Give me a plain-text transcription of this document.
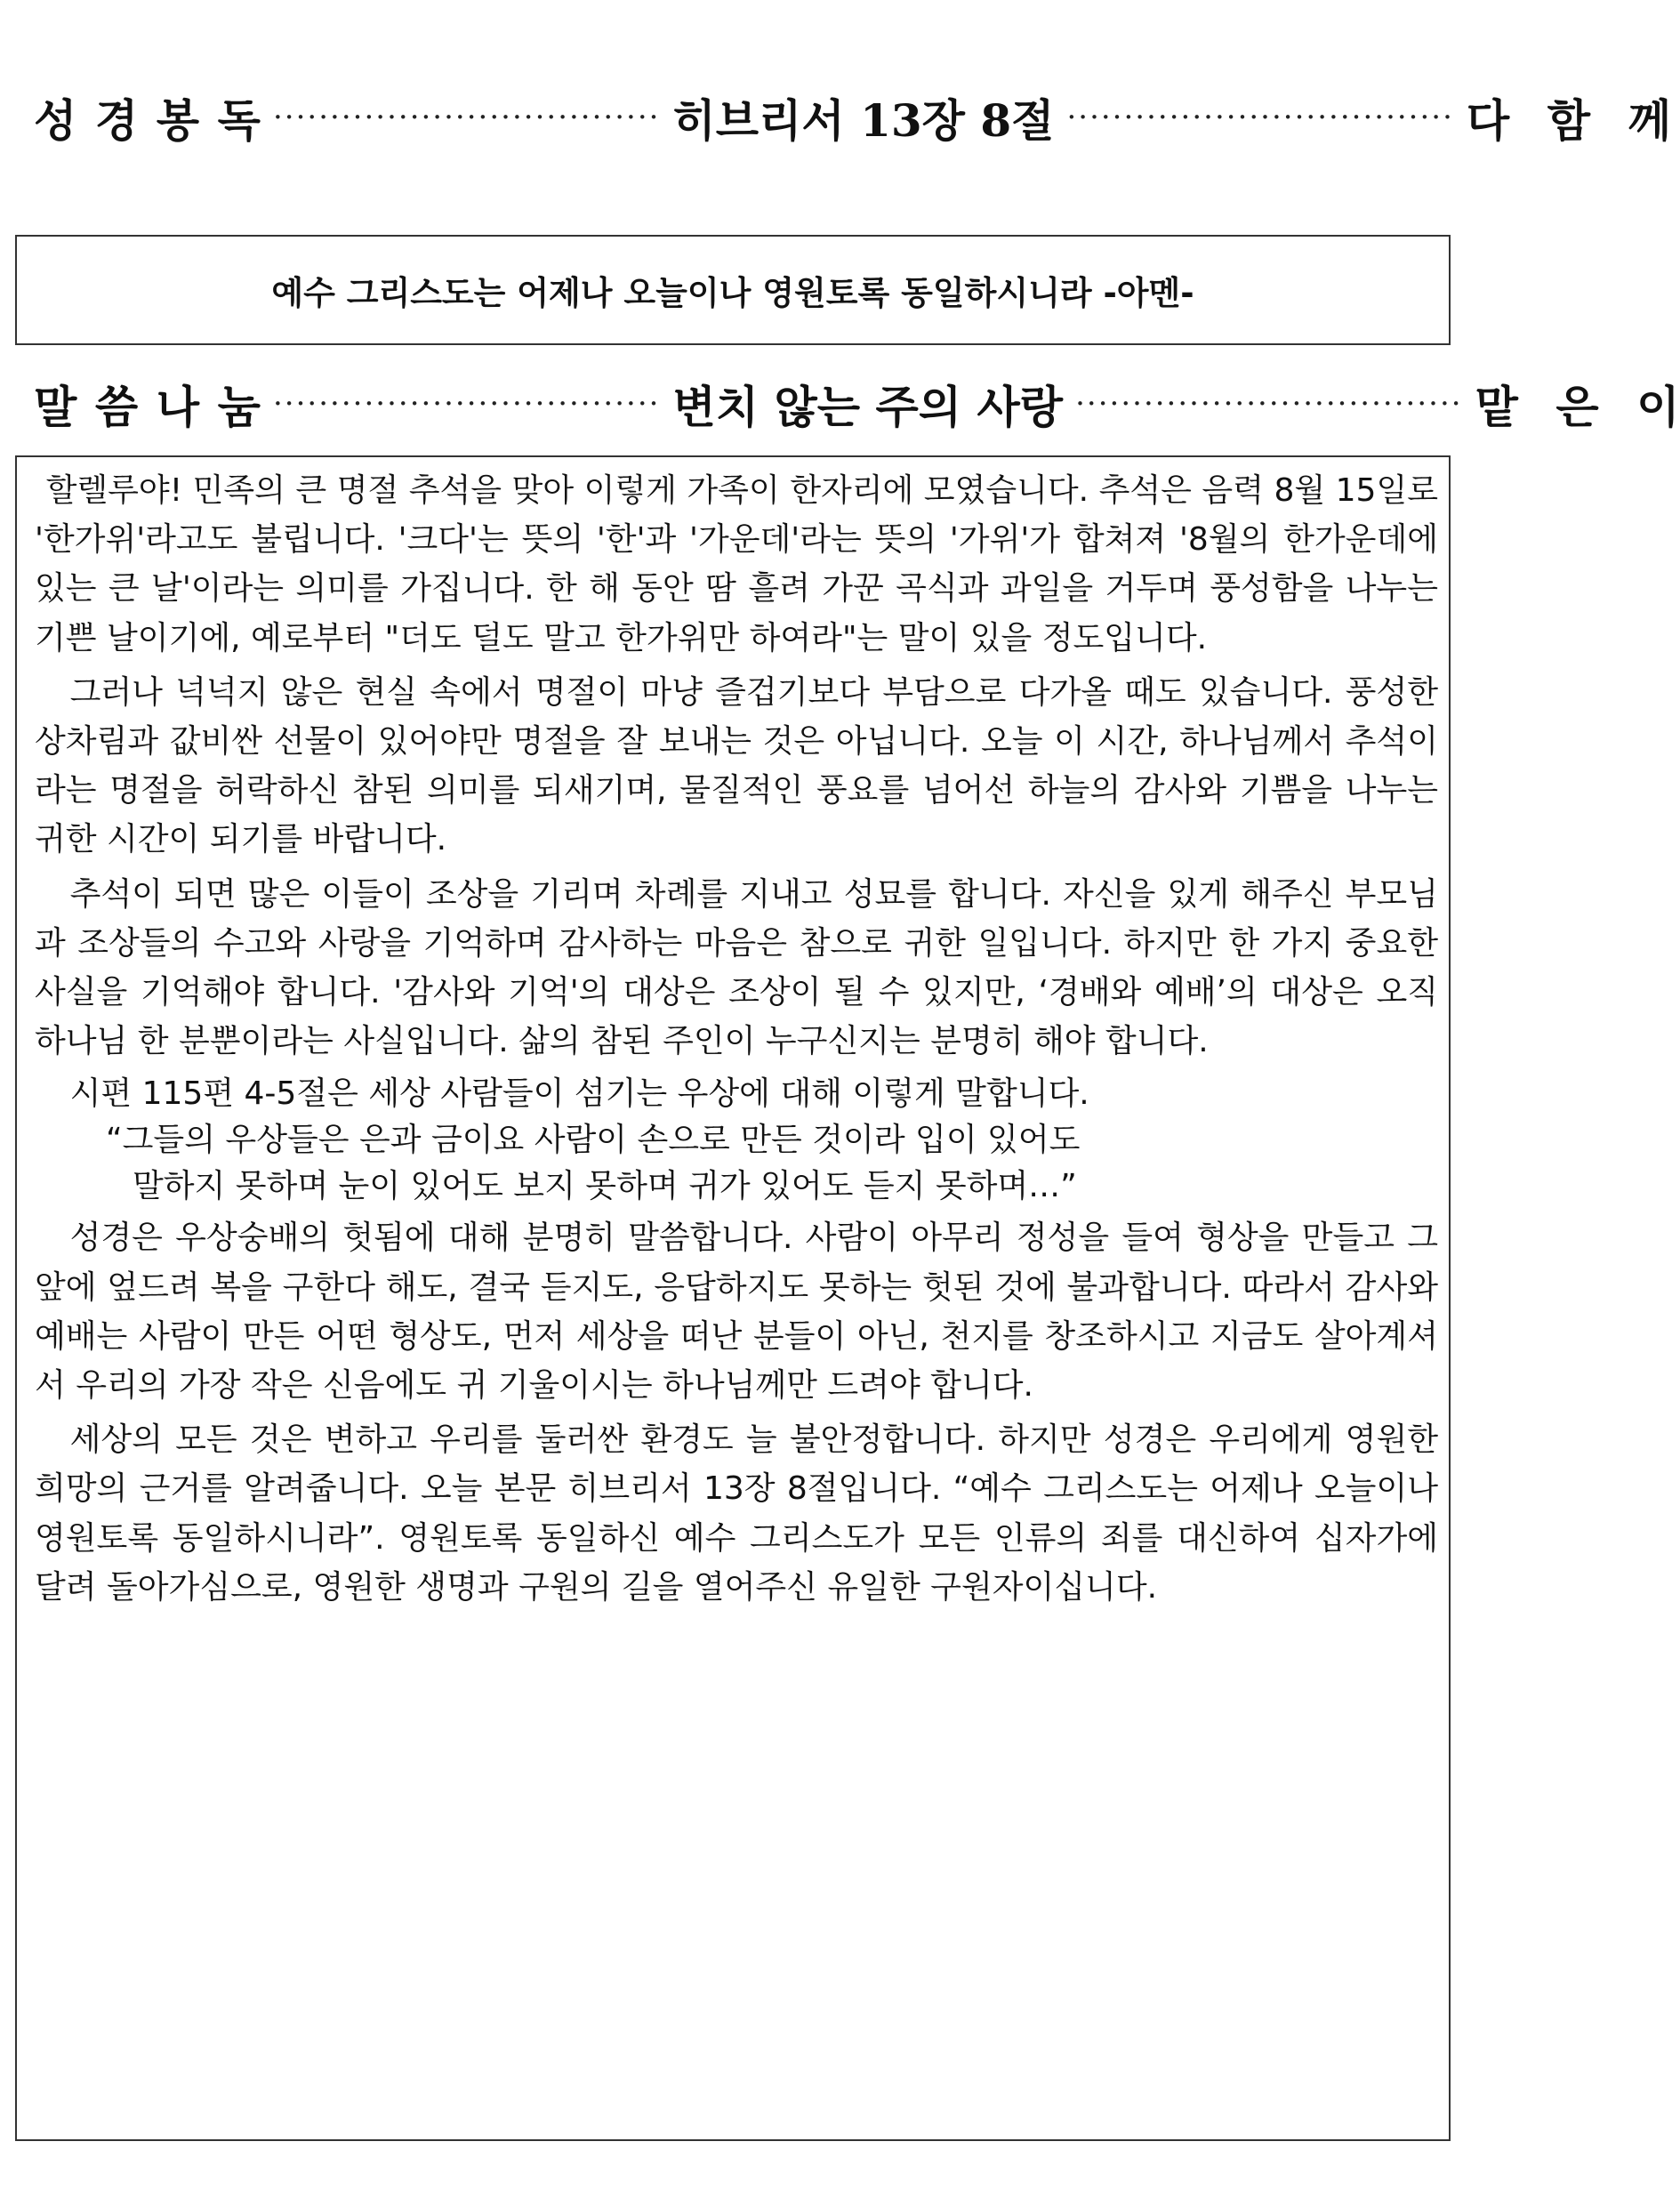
성 경 봉 독 ·································· 히브리서 13장 8절 ·································· 다 함 께
예수 그리스도는 어제나 오늘이나 영원토록 동일하시니라 -아멘-
말 씀 나 눔 ·································· 변치 않는 주의 사랑 ·································· 맡 은 이

할렐루야! 민족의 큰 명절 추석을 맞아 이렇게 가족이 한자리에 모였습니다. 추석은 음력 8월 15일로 '한가위'라고도 불립니다. '크다'는 뜻의 '한'과 '가운데'라는 뜻의 '가위'가 합쳐져 '8월의 한가운데에 있는 큰 날'이라는 의미를 가집니다. 한 해 동안 땀 흘려 가꾼 곡식과 과일을 거두며 풍성함을 나누는 기쁜 날이기에, 예로부터 "더도 덜도 말고 한가위만 하여라"는 말이 있을 정도입니다.

그러나 넉넉지 않은 현실 속에서 명절이 마냥 즐겁기보다 부담으로 다가올 때도 있습니다. 풍성한 상차림과 값비싼 선물이 있어야만 명절을 잘 보내는 것은 아닙니다. 오늘 이 시간, 하나님께서 추석이라는 명절을 허락하신 참된 의미를 되새기며, 물질적인 풍요를 넘어선 하늘의 감사와 기쁨을 나누는 귀한 시간이 되기를 바랍니다.

추석이 되면 많은 이들이 조상을 기리며 차례를 지내고 성묘를 합니다. 자신을 있게 해주신 부모님과 조상들의 수고와 사랑을 기억하며 감사하는 마음은 참으로 귀한 일입니다. 하지만 한 가지 중요한 사실을 기억해야 합니다. '감사와 기억'의 대상은 조상이 될 수 있지만, ‘경배와 예배’의 대상은 오직 하나님 한 분뿐이라는 사실입니다. 삶의 참된 주인이 누구신지는 분명히 해야 합니다.

시편 115편 4-5절은 세상 사람들이 섬기는 우상에 대해 이렇게 말합니다.

“그들의 우상들은 은과 금이요 사람이 손으로 만든 것이라 입이 있어도

말하지 못하며 눈이 있어도 보지 못하며 귀가 있어도 듣지 못하며…”

성경은 우상숭배의 헛됨에 대해 분명히 말씀합니다. 사람이 아무리 정성을 들여 형상을 만들고 그 앞에 엎드려 복을 구한다 해도, 결국 듣지도, 응답하지도 못하는 헛된 것에 불과합니다. 따라서 감사와 예배는 사람이 만든 어떤 형상도, 먼저 세상을 떠난 분들이 아닌, 천지를 창조하시고 지금도 살아계셔서 우리의 가장 작은 신음에도 귀 기울이시는 하나님께만 드려야 합니다.

세상의 모든 것은 변하고 우리를 둘러싼 환경도 늘 불안정합니다. 하지만 성경은 우리에게 영원한 희망의 근거를 알려줍니다. 오늘 본문 히브리서 13장 8절입니다. “예수 그리스도는 어제나 오늘이나 영원토록 동일하시니라”. 영원토록 동일하신 예수 그리스도가 모든 인류의 죄를 대신하여 십자가에 달려 돌아가심으로, 영원한 생명과 구원의 길을 열어주신 유일한 구원자이십니다.
